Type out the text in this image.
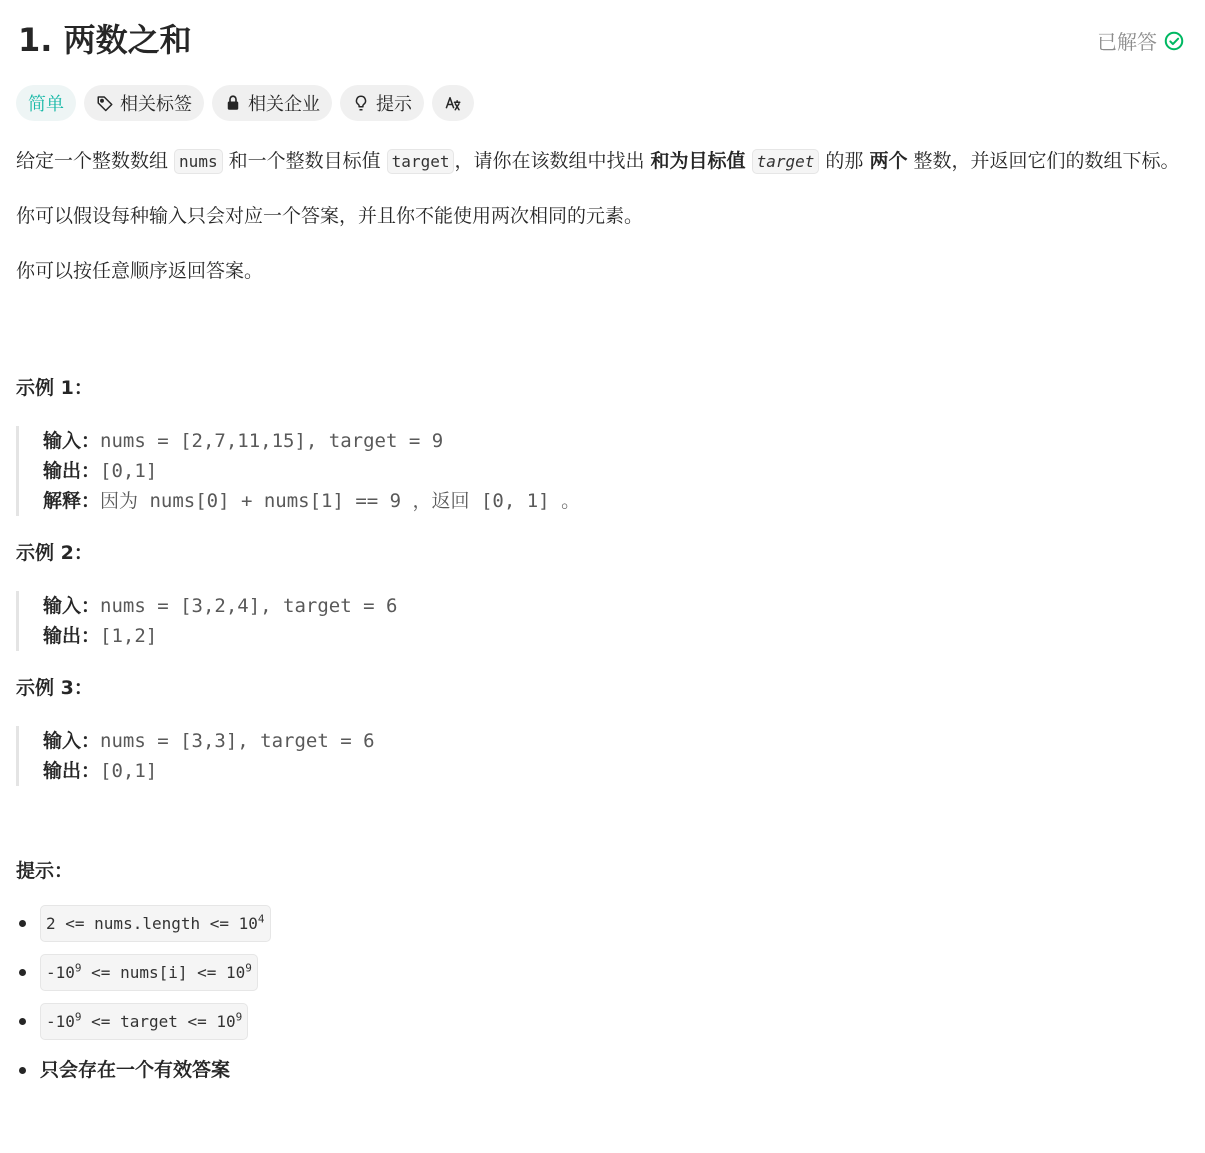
1. 两数之和	已解答
简单	相关标签	相关企业	提示

给定一个整数数组 nums 和一个整数目标值 target ，请你在该数组中找出 和为目标值 target 的那 两个 整数，并返回它们的数组下标。

你可以假设每种输入只会对应一个答案，并且你不能使用两次相同的元素。

你可以按任意顺序返回答案。

示例 1：
输入：nums = [2,7,11,15], target = 9
输出：[0,1]
解释：因为 nums[0] + nums[1] == 9 ，返回 [0, 1] 。
示例 2：
输入：nums = [3,2,4], target = 6
输出：[1,2]
示例 3：
输入：nums = [3,3], target = 6
输出：[0,1]
提示：
2 <= nums.length <= $10^4$
$-10^9$ <= nums[i] <= $10^9$
$-10^9$ <= target <= $10^9$
只会存在一个有效答案
